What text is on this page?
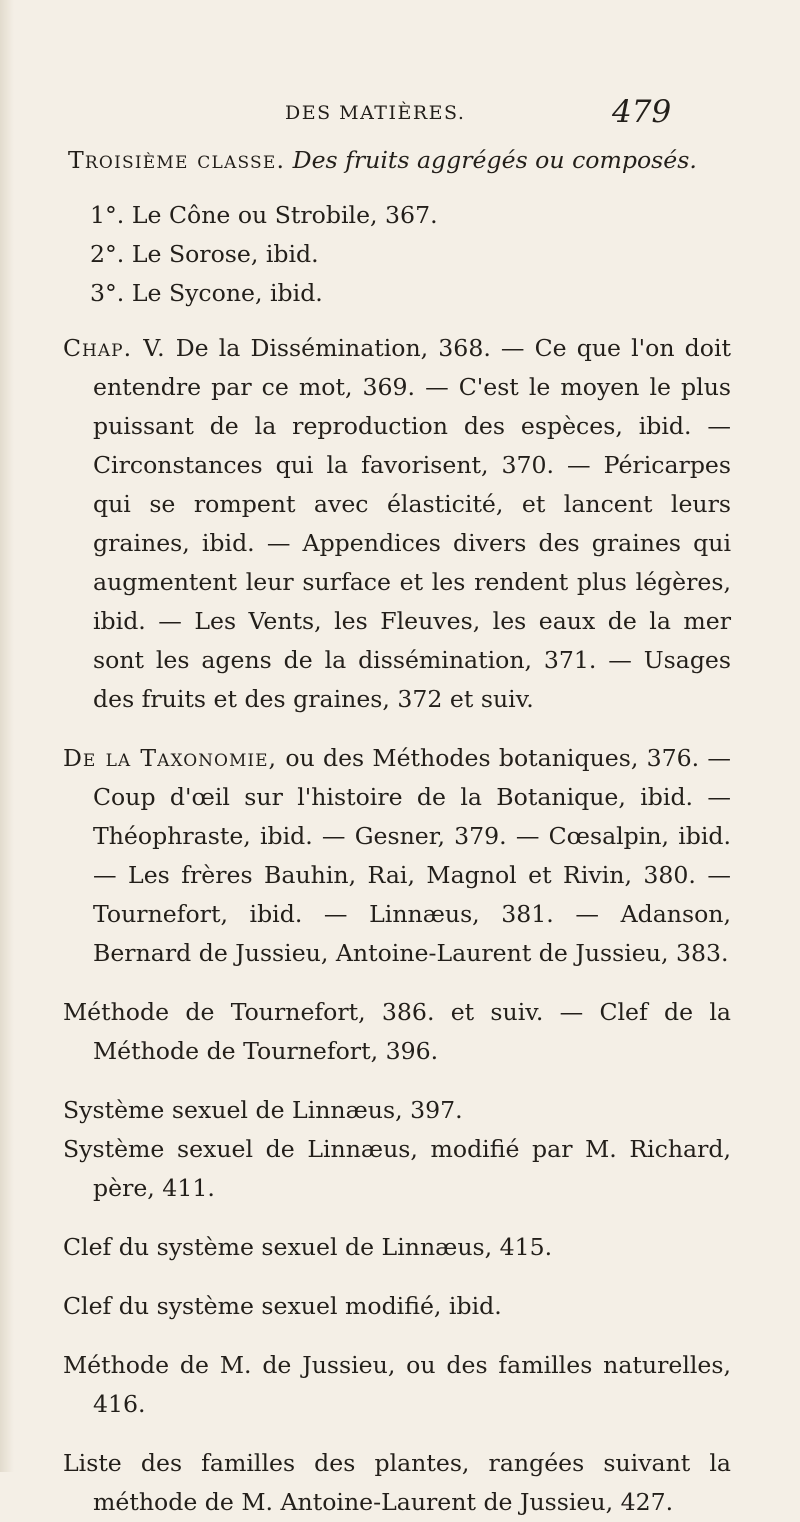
DES MATIÈRES.	479

Troisième classe. Des fruits aggrégés ou composés.

1°. Le Cône ou Strobile, 367.

2°. Le Sorose, ibid.

3°. Le Sycone, ibid.

Chap. V. De la Dissémination, 368. — Ce que l'on doit entendre par ce mot, 369. — C'est le moyen le plus puissant de la reproduction des espèces, ibid. — Circonstances qui la favorisent, 370. — Péricarpes qui se rompent avec élasticité, et lancent leurs graines, ibid. — Appendices divers des graines qui augmentent leur surface et les rendent plus légères, ibid. — Les Vents, les Fleuves, les eaux de la mer sont les agens de la dissémination, 371. — Usages des fruits et des graines, 372 et suiv.

De la Taxonomie, ou des Méthodes botaniques, 376. — Coup d'œil sur l'histoire de la Botanique, ibid. — Théophraste, ibid. — Gesner, 379. — Cœsalpin, ibid. — Les frères Bauhin, Rai, Magnol et Rivin, 380. — Tournefort, ibid. — Linnæus, 381. — Adanson, Bernard de Jussieu, Antoine-Laurent de Jussieu, 383.

Méthode de Tournefort, 386. et suiv. — Clef de la Méthode de Tournefort, 396.

Système sexuel de Linnæus, 397.

Système sexuel de Linnæus, modifié par M. Richard, père, 411.

Clef du système sexuel de Linnæus, 415.

Clef du système sexuel modifié, ibid.

Méthode de M. de Jussieu, ou des familles naturelles, 416.

Liste des familles des plantes, rangées suivant la méthode de M. Antoine-Laurent de Jussieu, 427.
